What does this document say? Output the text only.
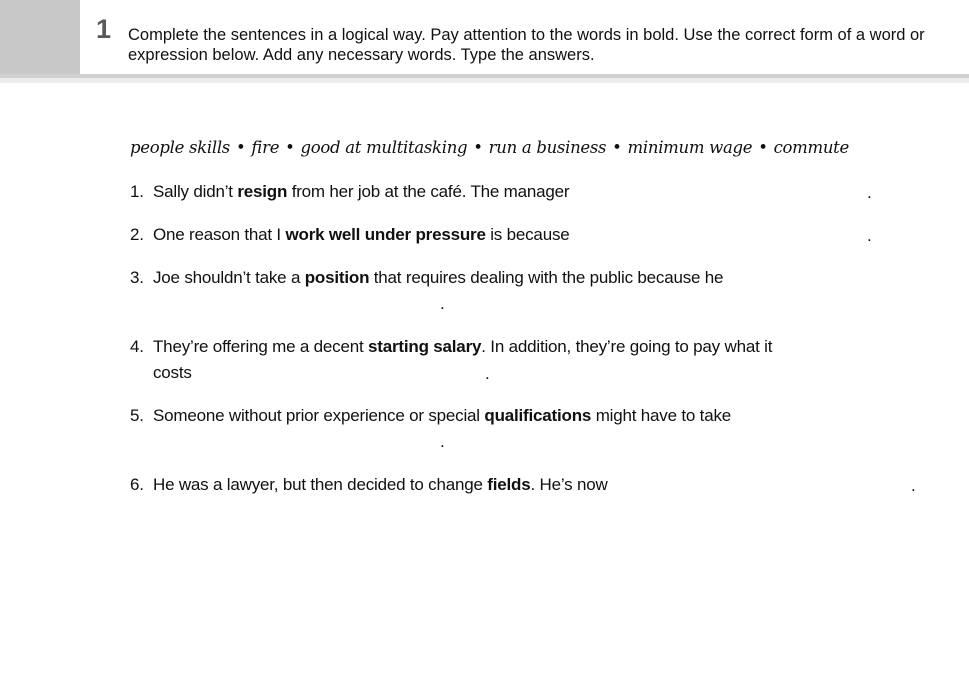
1 Complete the sentences in a logical way. Pay attention to the words in bold. Use the correct form of a word or expression below. Add any necessary words. Type the answers.
people skills • fire • good at multitasking • run a business • minimum wage • commute
1. Sally didn’t resign from her job at the café. The manager	.
2. One reason that I work well under pressure is because	.
3. Joe shouldn’t take a position that requires dealing with the public because he
.
4. They’re offering me a decent starting salary. In addition, they’re going to pay what it
costs	.
5. Someone without prior experience or special qualifications might have to take
.
6. He was a lawyer, but then decided to change fields. He’s now	.
